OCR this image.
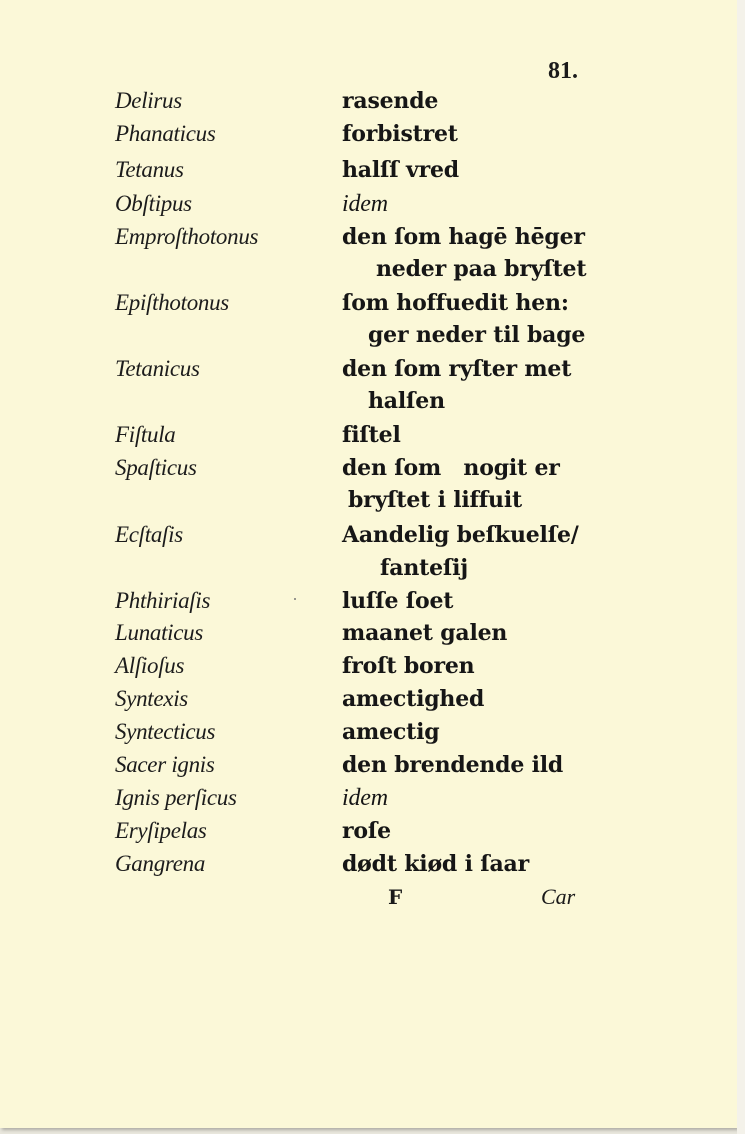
81.
Delirus	rasende
Phanaticus	forbistret
Tetanus	halſſ vred
Obſtipus	idem
Emproſthotonus	den ſom hagē hēger
neder paa bryſtet
Epiſthotonus	ſom hoffuedit hen:
ger neder til bage
Tetanicus	den ſom ryſter met
halſen
Fiſtula	fiſtel
Spaſticus	den ſom   nogit er
bryſtet i liffuit
Ecſtaſis	Aandelig beſkuelſe/
fanteſij
Phthiriaſis	luſſe ſoet
Lunaticus	maanet galen
Alſioſus	froſt boren
Syntexis	amectighed
Syntecticus	amectig
Sacer ignis	den brendende ild
Ignis perſicus	idem
Eryſipelas	roſe
Gangrena	dødt kiød i ſaar
F	Car
